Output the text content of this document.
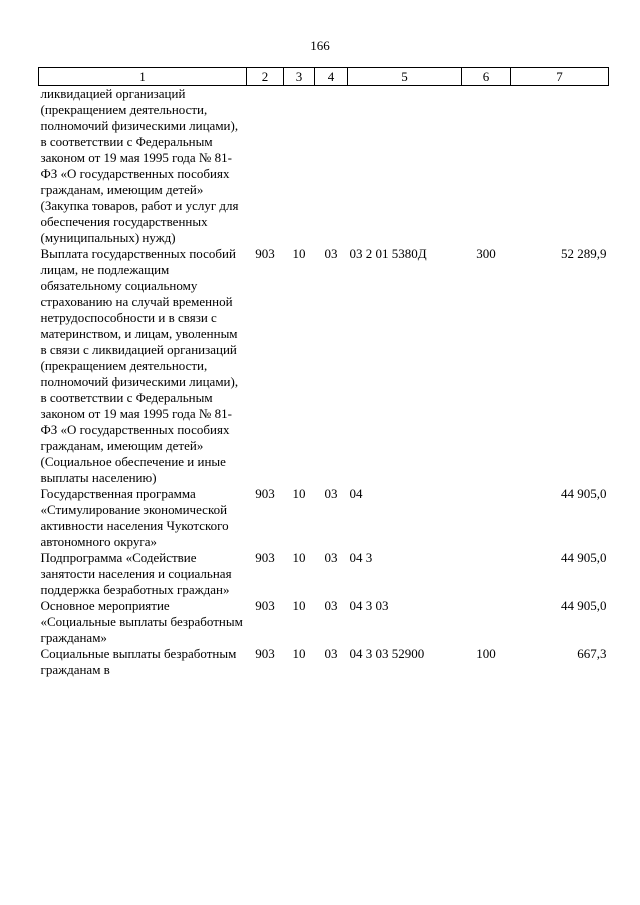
166
1	2	3	4	5	6	7
ликвидацией организаций (прекращением деятельности, полномочий физическими лицами), в соответствии с Федеральным законом от 19 мая 1995 года № 81- ФЗ «О государственных пособиях гражданам, имеющим детей» (Закупка товаров, работ и услуг для обеспечения государственных (муниципальных) нужд)						
Выплата государственных пособий лицам, не подлежащим обязательному социальному страхованию на случай временной нетрудоспособности и в связи с материнством, и лицам, уволенным в связи с ликвидацией организаций (прекращением деятельности, полномочий физическими лицами), в соответствии с Федеральным законом от 19 мая 1995 года № 81- ФЗ «О государственных пособиях гражданам, имеющим детей» (Социальное обеспечение и иные выплаты населению)	903	10	03	03 2 01 5380Д	300	52 289,9
Государственная программа «Стимулирование экономической активности населения Чукотского автономного округа»	903	10	03	04		44 905,0
Подпрограмма «Содействие занятости населения и социальная поддержка безработных граждан»	903	10	03	04 3		44 905,0
Основное мероприятие «Социальные выплаты безработным гражданам»	903	10	03	04 3 03		44 905,0
Социальные выплаты безработным гражданам в	903	10	03	04 3 03 52900	100	667,3
